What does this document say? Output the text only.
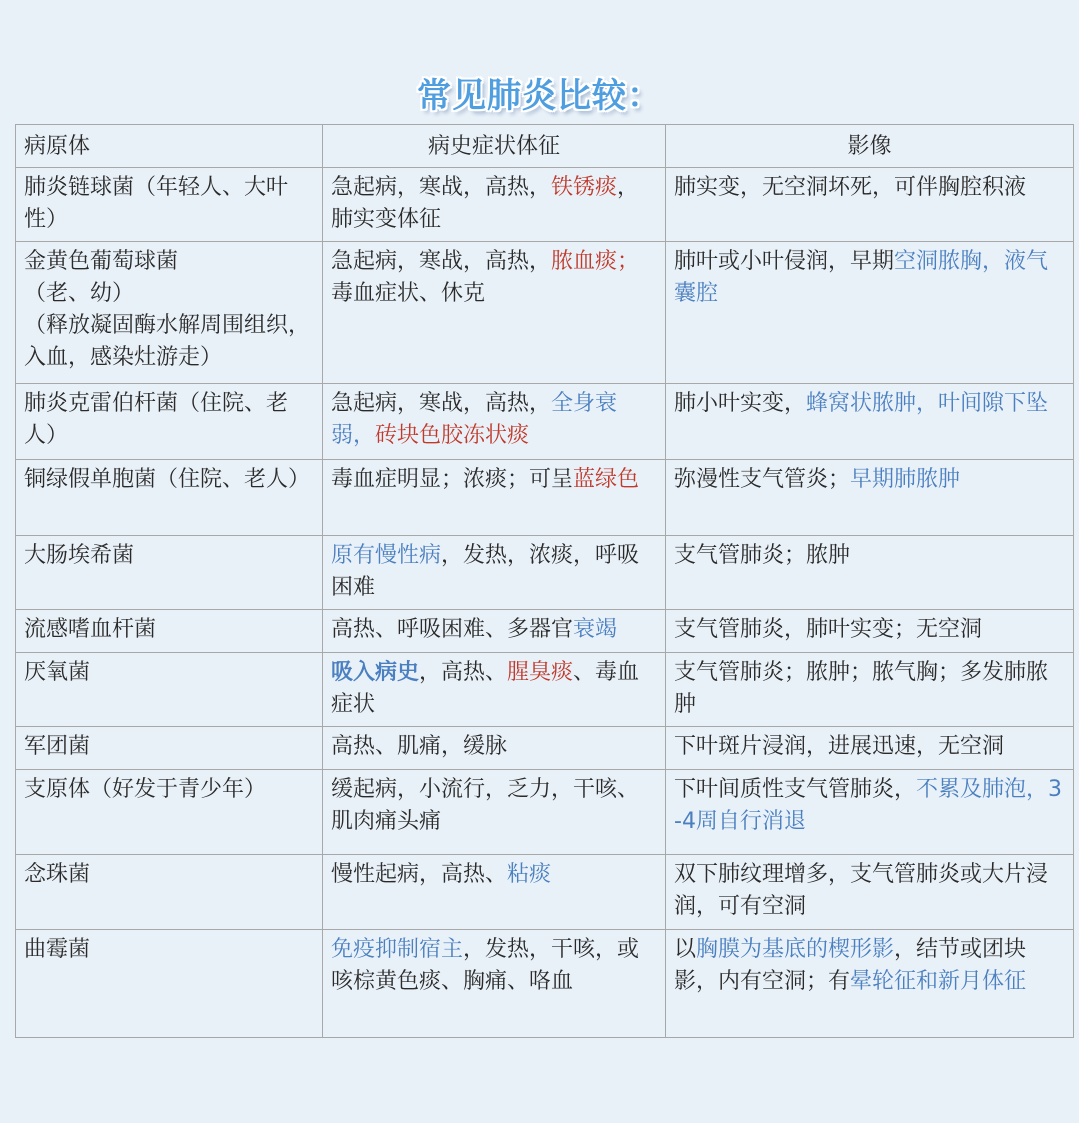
常见肺炎比较：
病原体	病史症状体征	影像
肺炎链球菌（年轻人、大叶性）	急起病，寒战，高热，铁锈痰，肺实变体征	肺实变，无空洞坏死，可伴胸腔积液

金黄色葡萄球菌
（老、幼）
（释放凝固酶水解周围组织，入血，感染灶游走）	急起病，寒战，高热，脓血痰；毒血症状、休克	肺叶或小叶侵润，早期空洞脓胸，液气囊腔
肺炎克雷伯杆菌（住院、老人）	急起病，寒战，高热，全身衰弱，砖块色胶冻状痰	肺小叶实变，蜂窝状脓肿，叶间隙下坠
铜绿假单胞菌（住院、老人）	毒血症明显；浓痰；可呈蓝绿色	弥漫性支气管炎；早期肺脓肿
大肠埃希菌	原有慢性病，发热，浓痰，呼吸困难	支气管肺炎；脓肿
流感嗜血杆菌	高热、呼吸困难、多器官衰竭	支气管肺炎，肺叶实变；无空洞
厌氧菌	吸入病史，高热、腥臭痰、毒血症状	支气管肺炎；脓肿；脓气胸；多发肺脓肿
军团菌	高热、肌痛，缓脉	下叶斑片浸润，进展迅速，无空洞
支原体（好发于青少年）	缓起病，小流行，乏力，干咳、肌肉痛头痛	下叶间质性支气管肺炎，不累及肺泡，3-4周自行消退
念珠菌	慢性起病，高热、粘痰	双下肺纹理增多，支气管肺炎或大片浸润，可有空洞
曲霉菌	免疫抑制宿主，发热，干咳，或咳棕黄色痰、胸痛、咯血	以胸膜为基底的楔形影，结节或团块影，内有空洞；有晕轮征和新月体征
